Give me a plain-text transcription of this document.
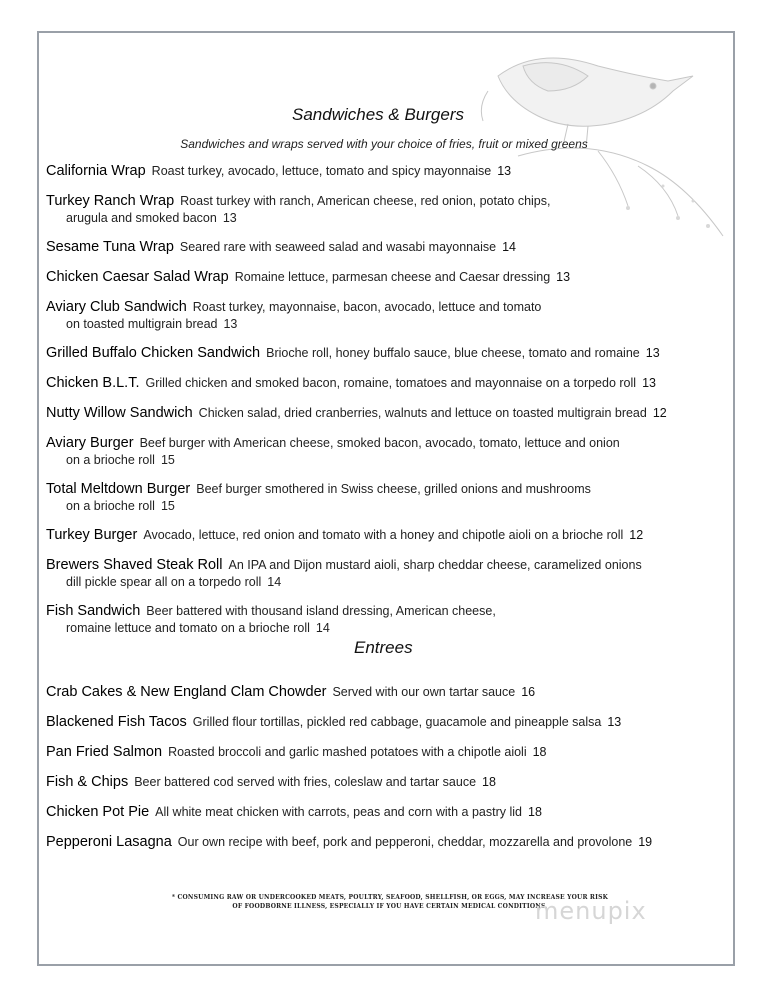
Sandwiches & Burgers
Sandwiches and wraps served with your choice of fries, fruit or mixed greens
California Wrap Roast turkey, avocado, lettuce, tomato and spicy mayonnaise 13
Turkey Ranch Wrap Roast turkey with ranch, American cheese, red onion, potato chips,
arugula and smoked bacon 13
Sesame Tuna Wrap Seared rare with seaweed salad and wasabi mayonnaise 14
Chicken Caesar Salad Wrap Romaine lettuce, parmesan cheese and Caesar dressing 13
Aviary Club Sandwich Roast turkey, mayonnaise, bacon, avocado, lettuce and tomato
on toasted multigrain bread 13
Grilled Buffalo Chicken Sandwich Brioche roll, honey buffalo sauce, blue cheese, tomato and romaine 13
Chicken B.L.T. Grilled chicken and smoked bacon, romaine, tomatoes and mayonnaise on a torpedo roll 13
Nutty Willow Sandwich Chicken salad, dried cranberries, walnuts and lettuce on toasted multigrain bread 12
Aviary Burger Beef burger with American cheese, smoked bacon, avocado, tomato, lettuce and onion
on a brioche roll 15
Total Meltdown Burger Beef burger smothered in Swiss cheese, grilled onions and mushrooms
on a brioche roll 15
Turkey Burger Avocado, lettuce, red onion and tomato with a honey and chipotle aioli on a brioche roll 12
Brewers Shaved Steak Roll An IPA and Dijon mustard aioli, sharp cheddar cheese, caramelized onions
dill pickle spear all on a torpedo roll 14
Fish Sandwich Beer battered with thousand island dressing, American cheese,
romaine lettuce and tomato on a brioche roll 14
Entrees
Crab Cakes & New England Clam Chowder Served with our own tartar sauce 16
Blackened Fish Tacos Grilled flour tortillas, pickled red cabbage, guacamole and pineapple salsa 13
Pan Fried Salmon Roasted broccoli and garlic mashed potatoes with a chipotle aioli 18
Fish & Chips Beer battered cod served with fries, coleslaw and tartar sauce 18
Chicken Pot Pie All white meat chicken with carrots, peas and corn with a pastry lid 18
Pepperoni Lasagna Our own recipe with beef, pork and pepperoni, cheddar, mozzarella and provolone 19
* CONSUMING RAW OR UNDERCOOKED MEATS, POULTRY, SEAFOOD, SHELLFISH, OR EGGS, MAY INCREASE YOUR RISK
OF FOODBORNE ILLNESS, ESPECIALLY IF YOU HAVE CERTAIN MEDICAL CONDITIONS.
menupix
